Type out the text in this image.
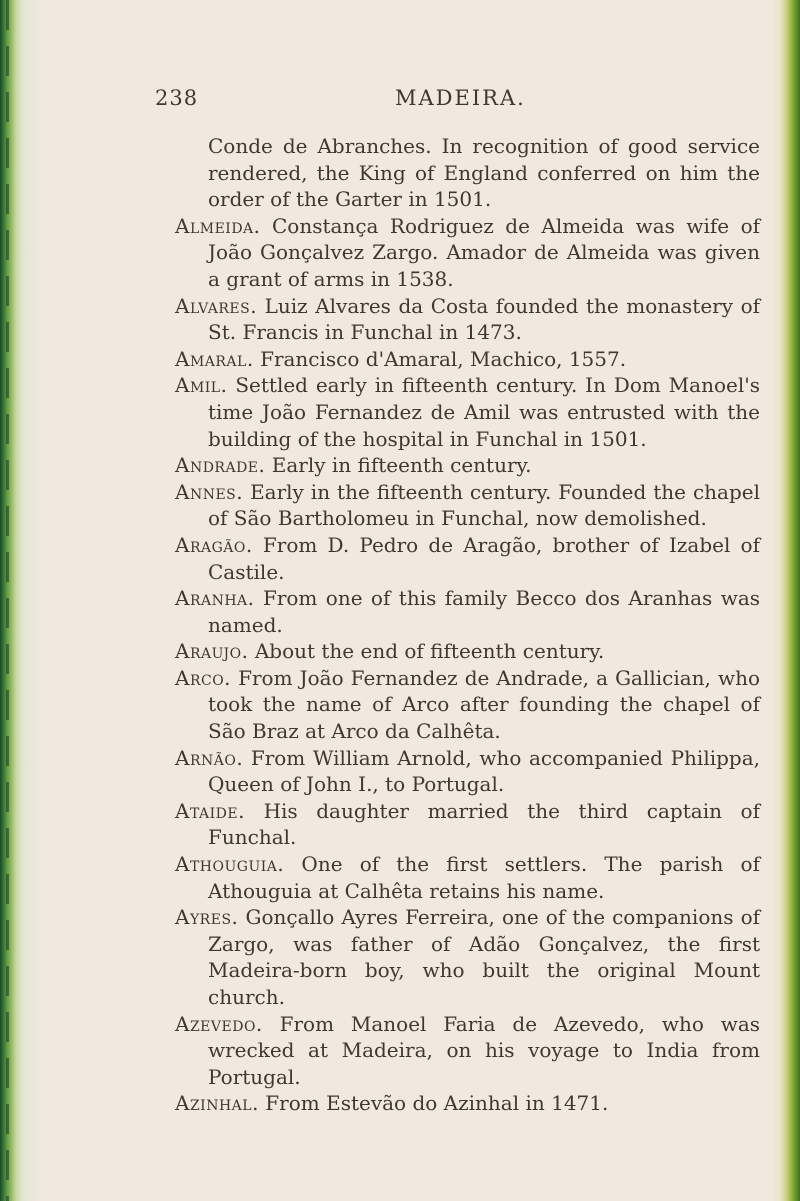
238	MADEIRA.

Conde de Abranches. In recognition of good service rendered, the King of England conferred on him the order of the Garter in 1501.

Almeida. Constança Rodriguez de Almeida was wife of João Gonçalvez Zargo. Amador de Almeida was given a grant of arms in 1538.

Alvares. Luiz Alvares da Costa founded the monastery of St. Francis in Funchal in 1473.

Amaral. Francisco d'Amaral, Machico, 1557.

Amil. Settled early in fifteenth century. In Dom Manoel's time João Fernandez de Amil was entrusted with the building of the hospital in Funchal in 1501.

Andrade. Early in fifteenth century.

Annes. Early in the fifteenth century. Founded the chapel of São Bartholomeu in Funchal, now demolished.

Aragão. From D. Pedro de Aragão, brother of Izabel of Castile.

Aranha. From one of this family Becco dos Aranhas was named.

Araujo. About the end of fifteenth century.

Arco. From João Fernandez de Andrade, a Gallician, who took the name of Arco after founding the chapel of São Braz at Arco da Calhêta.

Arnão. From William Arnold, who accompanied Philippa, Queen of John I., to Portugal.

Ataide. His daughter married the third captain of Funchal.

Athouguia. One of the first settlers. The parish of Athouguia at Calhêta retains his name.

Ayres. Gonçallo Ayres Ferreira, one of the companions of Zargo, was father of Adão Gonçalvez, the first Madeira-born boy, who built the original Mount church.

Azevedo. From Manoel Faria de Azevedo, who was wrecked at Madeira, on his voyage to India from Portugal.

Azinhal. From Estevão do Azinhal in 1471.
